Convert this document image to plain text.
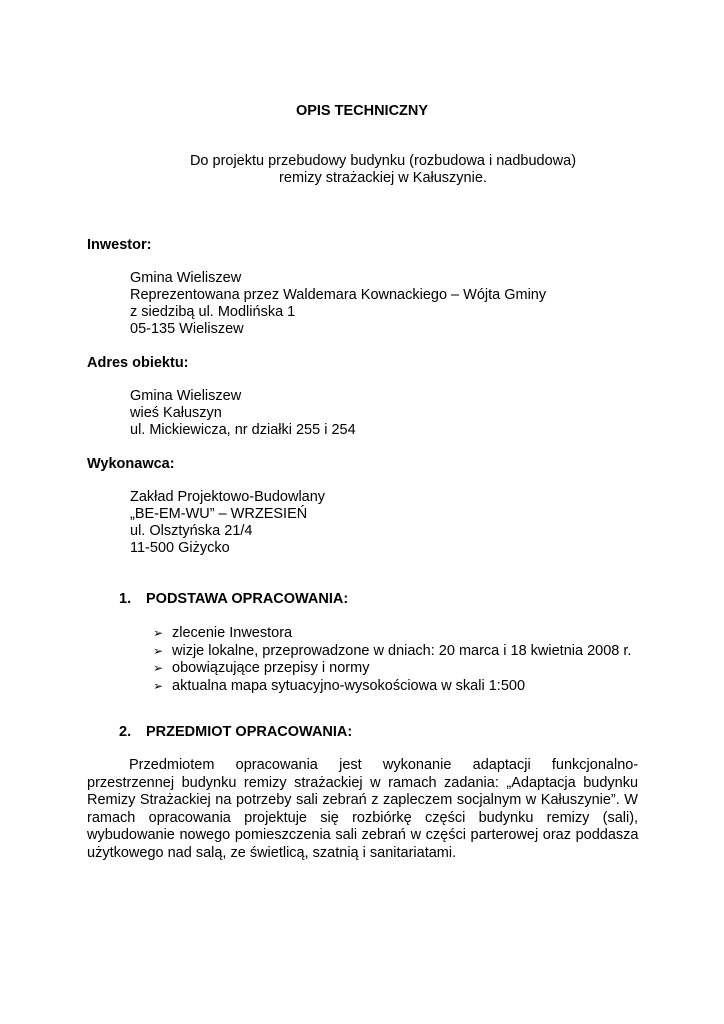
OPIS TECHNICZNY
Do projektu przebudowy budynku (rozbudowa i nadbudowa)
remizy strażackiej w Kałuszynie.
Inwestor:
Gmina Wieliszew
Reprezentowana przez Waldemara Kownackiego – Wójta Gminy
z siedzibą ul. Modlińska 1
05-135 Wieliszew
Adres obiektu:
Gmina Wieliszew
wieś Kałuszyn
ul. Mickiewicza, nr działki 255 i 254
Wykonawca:
Zakład Projektowo-Budowlany
„BE-EM-WU” – WRZESIEŃ
ul. Olsztyńska 21/4
11-500 Giżycko
1. PODSTAWA OPRACOWANIA:
➢ zlecenie Inwestora
➢ wizje lokalne, przeprowadzone w dniach: 20 marca i 18 kwietnia 2008 r.
➢ obowiązujące przepisy i normy
➢ aktualna mapa sytuacyjno-wysokościowa w skali 1:500
2. PRZEDMIOT OPRACOWANIA:
Przedmiotem opracowania jest wykonanie adaptacji funkcjonalno-
przestrzennej budynku remizy strażackiej w ramach zadania: „Adaptacja budynku
Remizy Strażackiej na potrzeby sali zebrań z zapleczem socjalnym w Kałuszynie”. W
ramach opracowania projektuje się rozbiórkę części budynku remizy (sali),
wybudowanie nowego pomieszczenia sali zebrań w części parterowej oraz poddasza
użytkowego nad salą, ze świetlicą, szatnią i sanitariatami.
